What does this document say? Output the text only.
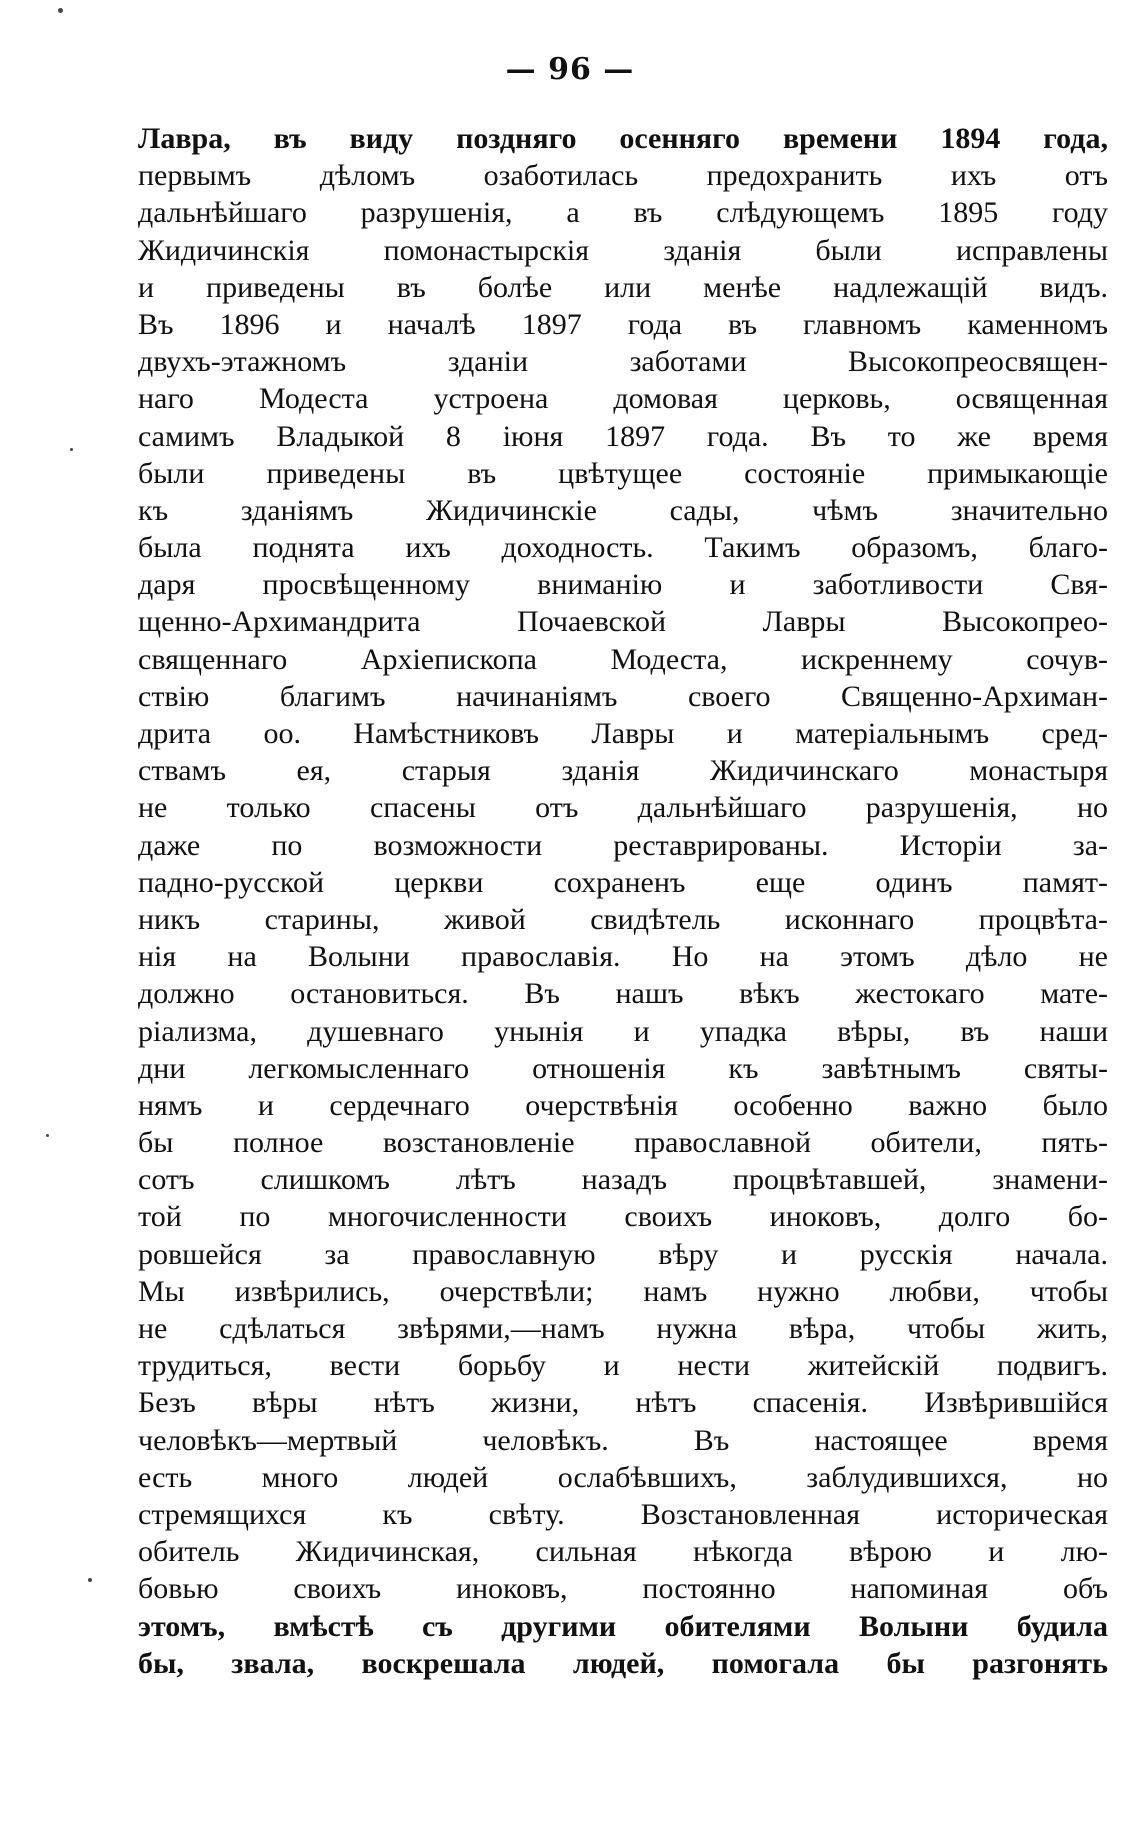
— 96 —
Лавра, въ виду поздняго осенняго времени 1894 года,
первымъ дѣломъ озаботилась предохранить ихъ отъ
дальнѣйшаго разрушенія, а въ слѣдующемъ 1895 году
Жидичинскія помонастырскія зданія были исправлены
и приведены въ болѣе или менѣе надлежащій видъ.
Въ 1896 и началѣ 1897 года въ главномъ каменномъ
двухъ-этажномъ зданіи заботами Высокопреосвящен-
наго Модеста устроена домовая церковь, освященная
самимъ Владыкой 8 іюня 1897 года. Въ то же время
были приведены въ цвѣтущее состояніе примыкающіе
къ зданіямъ Жидичинскіе сады, чѣмъ значительно
была поднята ихъ доходность. Такимъ образомъ, благо-
даря просвѣщенному вниманію и заботливости Свя-
щенно-Архимандрита Почаевской Лавры Высокопрео-
священнаго Архіепископа Модеста, искреннему сочув-
ствію благимъ начинаніямъ своего Священно-Архиман-
дрита оо. Намѣстниковъ Лавры и матеріальнымъ сред-
ствамъ ея, старыя зданія Жидичинскаго монастыря
не только спасены отъ дальнѣйшаго разрушенія, но
даже по возможности реставрированы. Исторіи за-
падно-русской церкви сохраненъ еще одинъ памят-
никъ старины, живой свидѣтель исконнаго процвѣта-
нія на Волыни православія. Но на этомъ дѣло не
должно остановиться. Въ нашъ вѣкъ жестокаго мате-
ріализма, душевнаго унынія и упадка вѣры, въ наши
дни легкомысленнаго отношенія къ завѣтнымъ святы-
нямъ и сердечнаго очерствѣнія особенно важно было
бы полное возстановленіе православной обители, пять-
сотъ слишкомъ лѣтъ назадъ процвѣтавшей, знамени-
той по многочисленности своихъ иноковъ, долго бо-
ровшейся за православную вѣру и русскія начала.
Мы извѣрились, очерствѣли; намъ нужно любви, чтобы
не сдѣлаться звѣрями,—намъ нужна вѣра, чтобы жить,
трудиться, вести борьбу и нести житейскій подвигъ.
Безъ вѣры нѣтъ жизни, нѣтъ спасенія. Извѣрившійся
человѣкъ—мертвый человѣкъ. Въ настоящее время
есть много людей ослабѣвшихъ, заблудившихся, но
стремящихся къ свѣту. Возстановленная историческая
обитель Жидичинская, сильная нѣкогда вѣрою и лю-
бовью своихъ иноковъ, постоянно напоминая объ
этомъ, вмѣстѣ съ другими обителями Волыни будила
бы, звала, воскрешала людей, помогала бы разгонять
